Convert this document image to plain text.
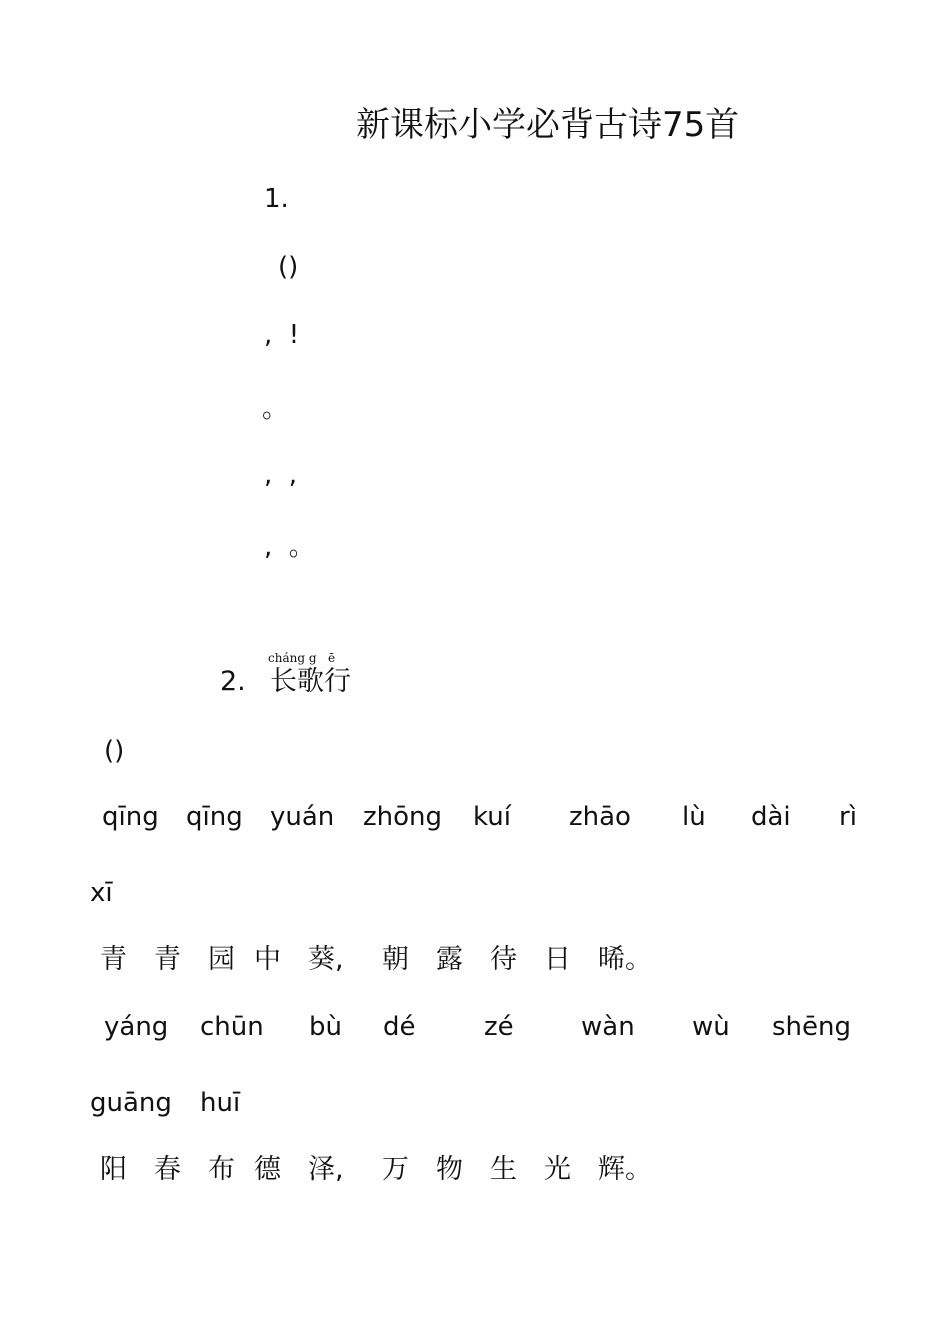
新课标小学必背古诗75首
1.
()
,  !
。
,  ,
,  。
2.
cháng g   ē
长歌行
()
qīng qīng yuán zhōng kuí zhāo lù dài rì
xī
青 青 园 中 葵, 朝 露 待 日 晞。
yáng chūn bù dé	zé	wàn wù shēng
guāng huī
阳 春 布 德 泽, 万 物 生 光 辉。
